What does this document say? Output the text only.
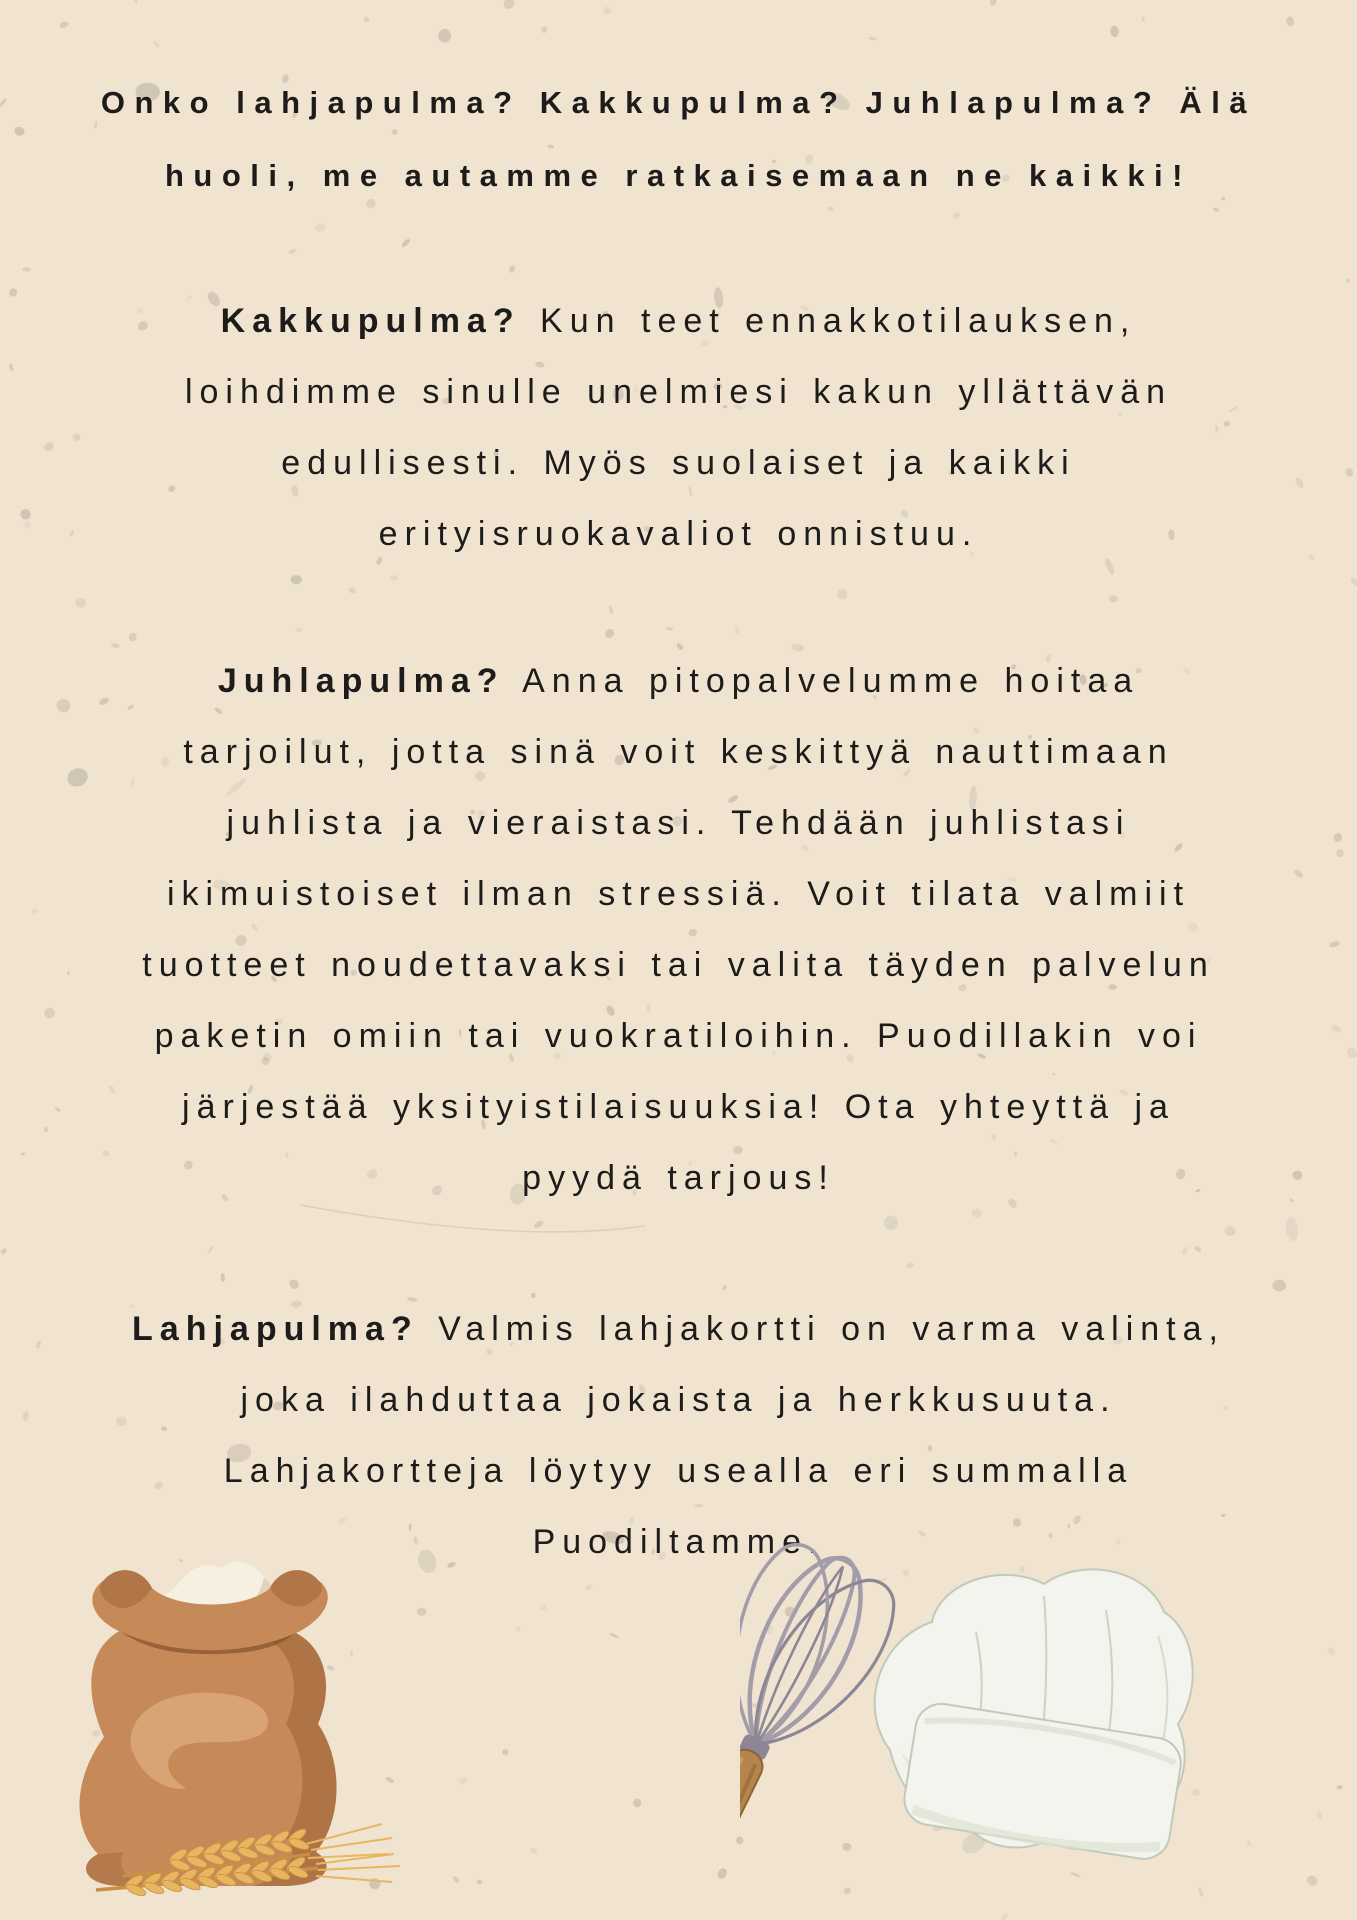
Onko lahjapulma? Kakkupulma? Juhlapulma? Älä
huoli, me autamme ratkaisemaan ne kaikki!

Kakkupulma? Kun teet ennakkotilauksen,
loihdimme sinulle unelmiesi kakun yllättävän
edullisesti. Myös suolaiset ja kaikki
erityisruokavaliot onnistuu.

Juhlapulma? Anna pitopalvelumme hoitaa
tarjoilut, jotta sinä voit keskittyä nauttimaan
juhlista ja vieraistasi. Tehdään juhlistasi
ikimuistoiset ilman stressiä. Voit tilata valmiit
tuotteet noudettavaksi tai valita täyden palvelun
paketin omiin tai vuokratiloihin. Puodillakin voi
järjestää yksityistilaisuuksia! Ota yhteyttä ja
pyydä tarjous!

Lahjapulma? Valmis lahjakortti on varma valinta,
joka ilahduttaa jokaista ja herkkusuuta.
Lahjakortteja löytyy usealla eri summalla
Puodiltamme.
